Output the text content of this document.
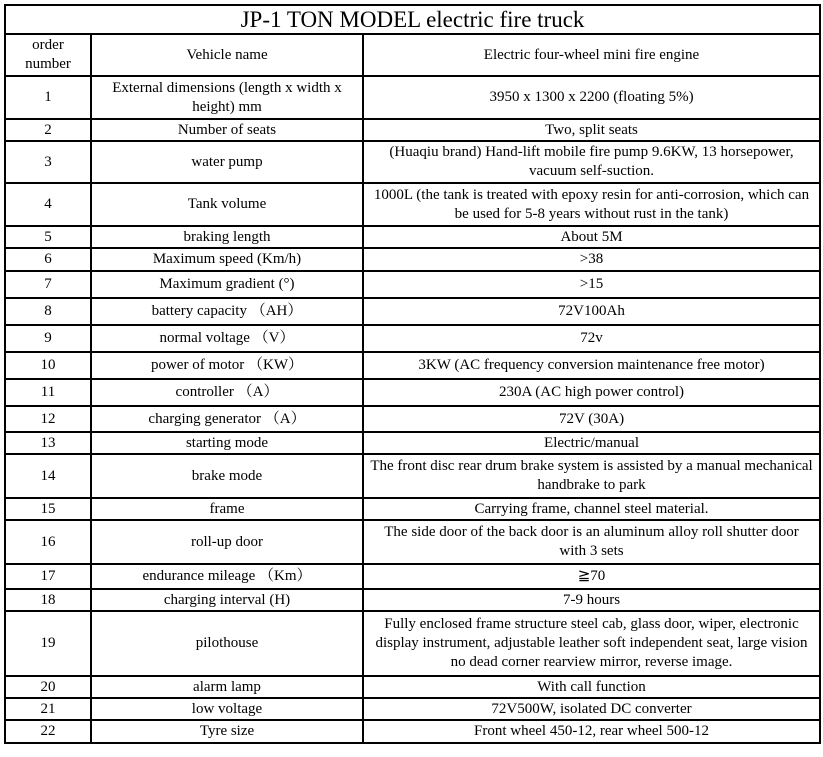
JP-1 TON MODEL electric fire truck		
order number	Vehicle name	Electric four-wheel mini fire engine
1	External dimensions (length x width x height) mm	3950 x 1300 x 2200 (floating 5%)
2	Number of seats	Two, split seats
3	water pump	(Huaqiu brand) Hand-lift mobile fire pump 9.6KW, 13 horsepower, vacuum self-suction.
4	Tank volume	1000L (the tank is treated with epoxy resin for anti-corrosion, which can be used for 5-8 years without rust in the tank)
5	braking length	About 5M
6	Maximum speed (Km/h)	>38
7	Maximum gradient (°)	>15
8	battery capacity （AH）	72V100Ah
9	normal voltage （V）	72v
10	power of motor （KW）	3KW (AC frequency conversion maintenance free motor)
11	controller （A）	230A (AC high power control)
12	charging generator （A）	72V (30A)
13	starting mode	Electric/manual
14	brake mode	The front disc rear drum brake system is assisted by a manual mechanical handbrake to park
15	frame	Carrying frame, channel steel material.
16	roll-up door	The side door of the back door is an aluminum alloy roll shutter door with 3 sets
17	endurance mileage （Km）	≧70
18	charging interval (H)	7-9 hours
19	pilothouse	Fully enclosed frame structure steel cab, glass door, wiper, electronic display instrument, adjustable leather soft independent seat, large vision no dead corner rearview mirror, reverse image.
20	alarm lamp	With call function
21	low voltage	72V500W, isolated DC converter
22	Tyre size	Front wheel 450-12, rear wheel 500-12
